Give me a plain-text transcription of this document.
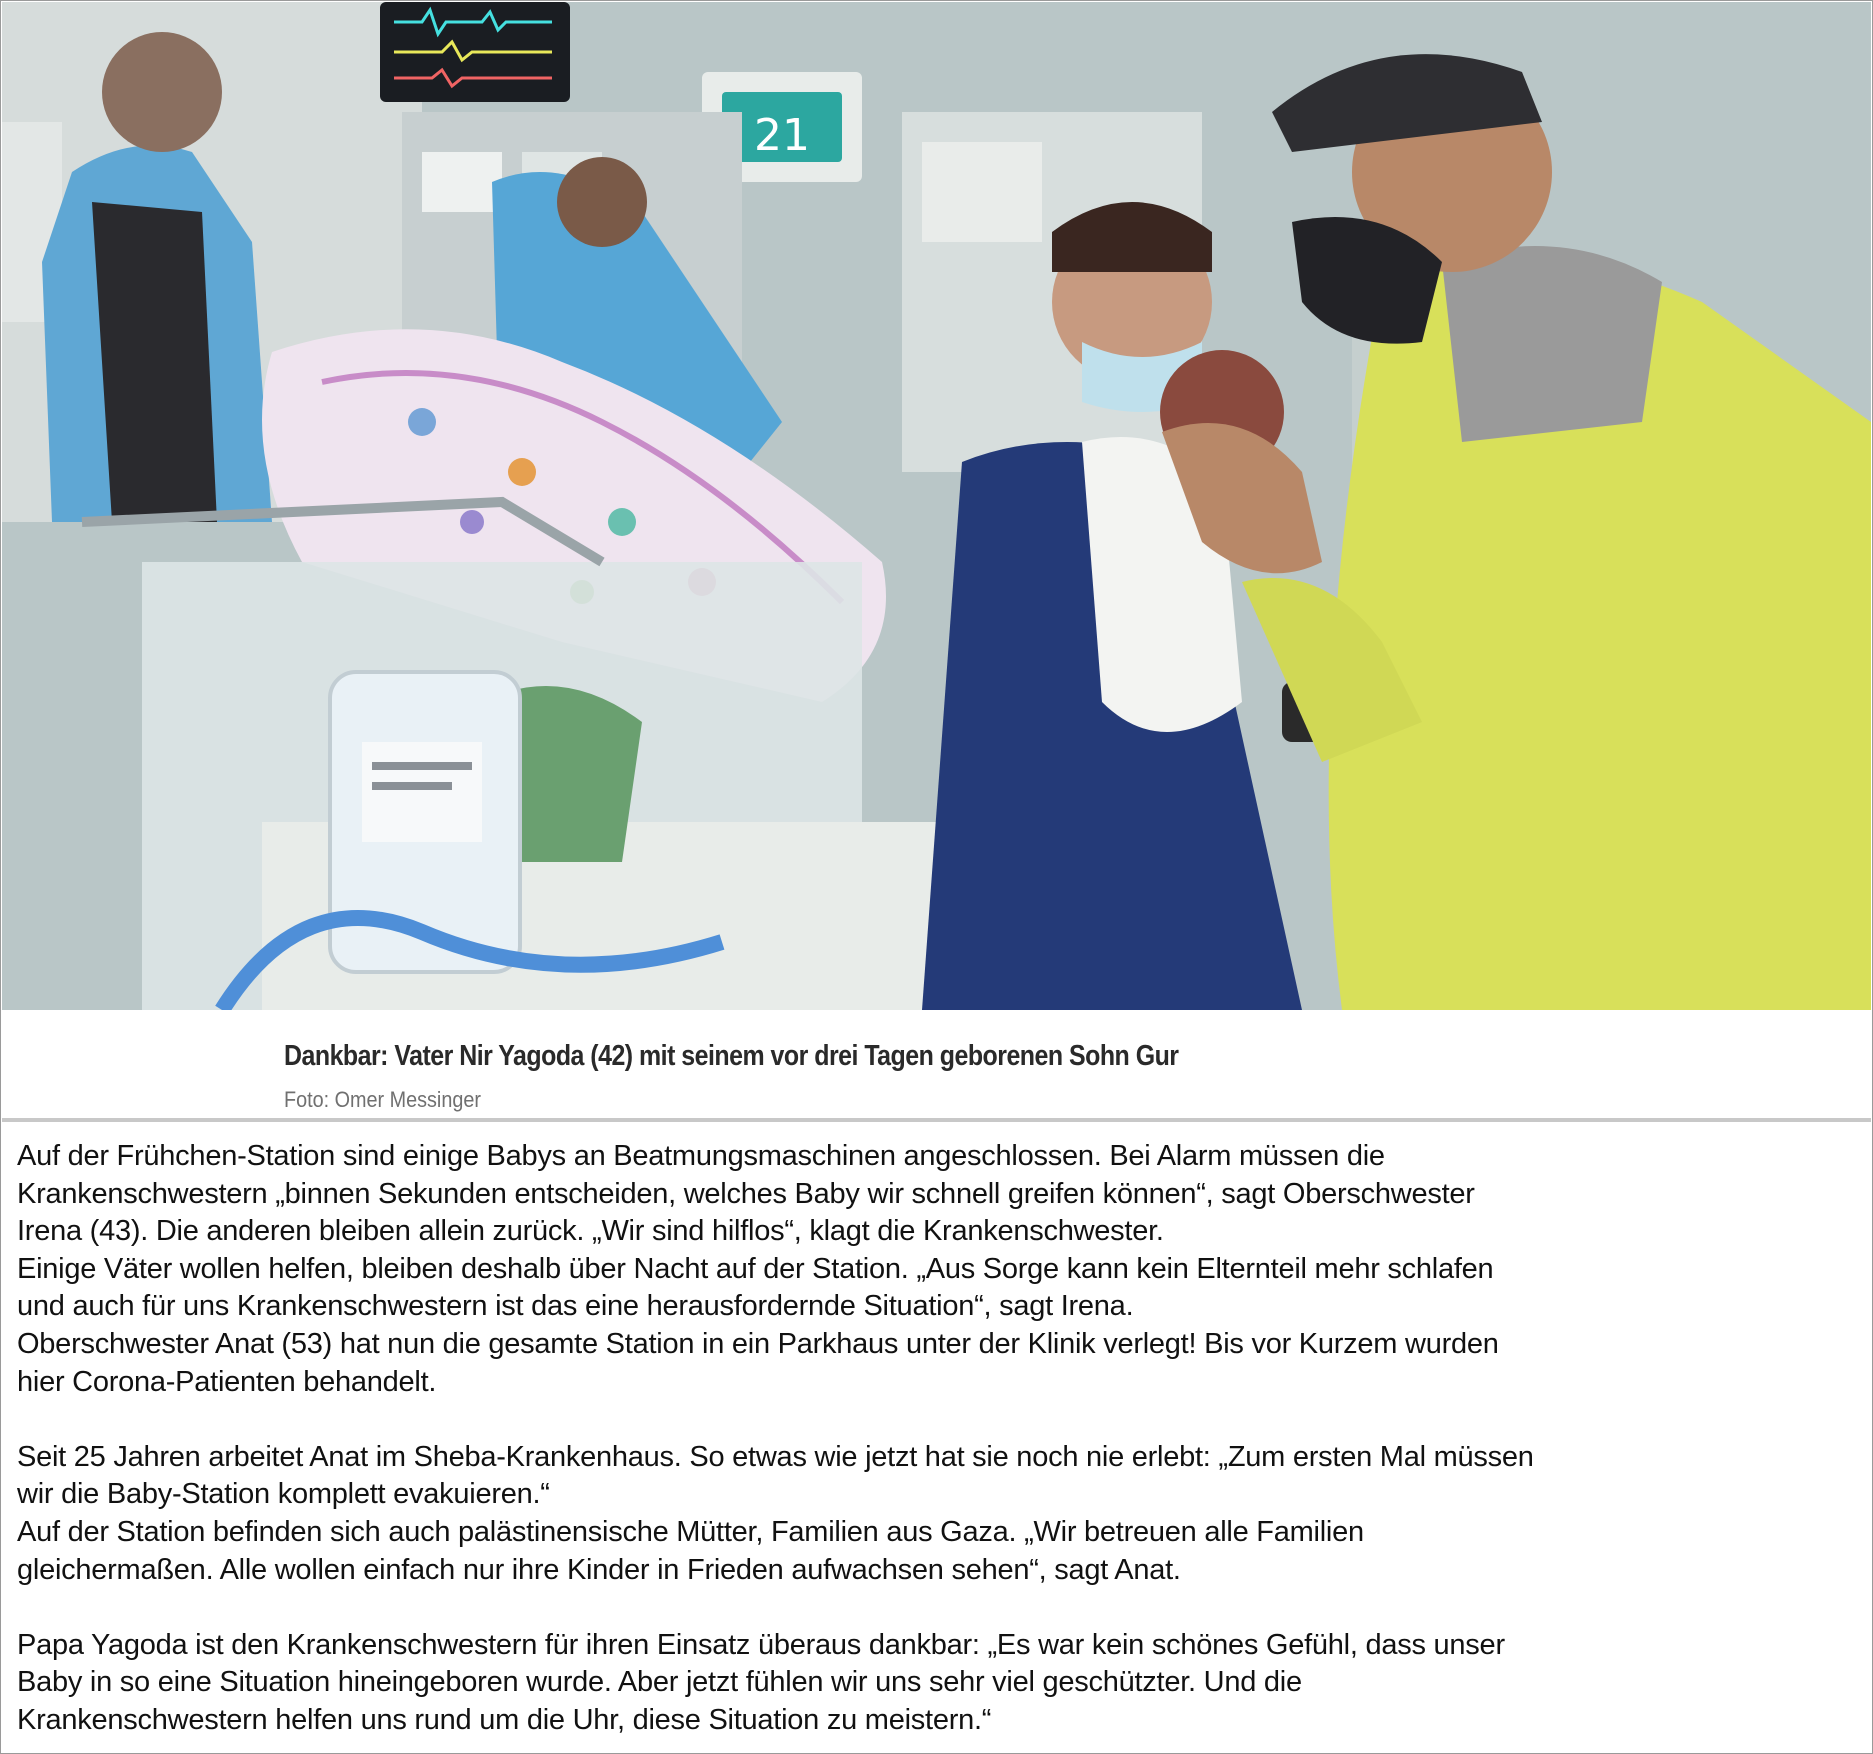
21
Dankbar: Vater Nir Yagoda (42) mit seinem vor drei Tagen geborenen Sohn Gur
Foto: Omer Messinger

Auf der Frühchen-Station sind einige Babys an Beatmungsmaschinen angeschlossen. Bei Alarm müssen die
Krankenschwestern „binnen Sekunden entscheiden, welches Baby wir schnell greifen können“, sagt Oberschwester
Irena (43). Die anderen bleiben allein zurück. „Wir sind hilflos“, klagt die Krankenschwester.
Einige Väter wollen helfen, bleiben deshalb über Nacht auf der Station. „Aus Sorge kann kein Elternteil mehr schlafen
und auch für uns Krankenschwestern ist das eine herausfordernde Situation“, sagt Irena.
Oberschwester Anat (53) hat nun die gesamte Station in ein Parkhaus unter der Klinik verlegt! Bis vor Kurzem wurden
hier Corona-Patienten behandelt.

Seit 25 Jahren arbeitet Anat im Sheba-Krankenhaus. So etwas wie jetzt hat sie noch nie erlebt: „Zum ersten Mal müssen
wir die Baby-Station komplett evakuieren.“
Auf der Station befinden sich auch palästinensische Mütter, Familien aus Gaza. „Wir betreuen alle Familien
gleichermaßen. Alle wollen einfach nur ihre Kinder in Frieden aufwachsen sehen“, sagt Anat.

Papa Yagoda ist den Krankenschwestern für ihren Einsatz überaus dankbar: „Es war kein schönes Gefühl, dass unser
Baby in so eine Situation hineingeboren wurde. Aber jetzt fühlen wir uns sehr viel geschützter. Und die
Krankenschwestern helfen uns rund um die Uhr, diese Situation zu meistern.“
